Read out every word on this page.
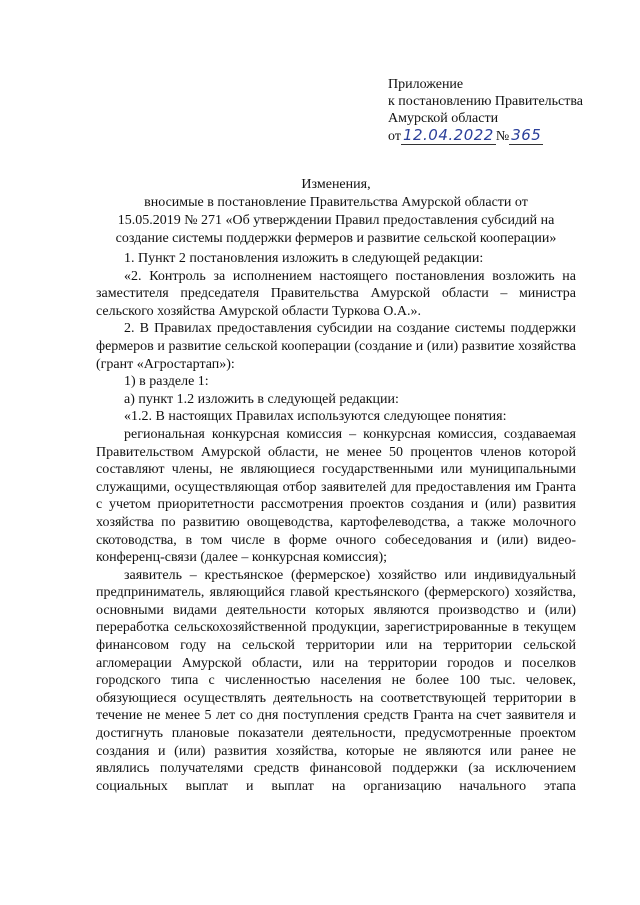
Приложение
к постановлению Правительства
Амурской области
от 12.04.2022 № 365
Изменения,
вносимые в постановление Правительства Амурской области от
15.05.2019 № 271 «Об утверждении Правил предоставления субсидий на
создание системы поддержки фермеров и развитие сельской кооперации»

1. Пункт 2 постановления изложить в следующей редакции:

«2. Контроль за исполнением настоящего постановления возложить на заместителя председателя Правительства Амурской области – министра сельского хозяйства Амурской области Туркова О.А.».

2. В Правилах предоставления субсидии на создание системы поддержки фермеров и развитие сельской кооперации (создание и (или) развитие хозяйства (грант «Агростартап»):

1) в разделе 1:

а) пункт 1.2 изложить в следующей редакции:

«1.2. В настоящих Правилах используются следующее понятия:

региональная конкурсная комиссия – конкурсная комиссия, создаваемая Правительством Амурской области, не менее 50 процентов членов которой составляют члены, не являющиеся государственными или муниципальными служащими, осуществляющая отбор заявителей для предоставления им Гранта с учетом приоритетности рассмотрения проектов создания и (или) развития хозяйства по развитию овощеводства, картофелеводства, а также молочного скотоводства, в том числе в форме очного собеседования и (или) видео-конференц-связи (далее – конкурсная комиссия);

заявитель – крестьянское (фермерское) хозяйство или индивидуальный предприниматель, являющийся главой крестьянского (фермерского) хозяйства, основными видами деятельности которых являются производство и (или) переработка сельскохозяйственной продукции, зарегистрированные в текущем финансовом году на сельской территории или на территории сельской агломерации Амурской области, или на территории городов и поселков городского типа с численностью населения не более 100 тыс. человек, обязующиеся осуществлять деятельность на соответствующей территории в течение не менее 5 лет со дня поступления средств Гранта на счет заявителя и достигнуть плановые показатели деятельности, предусмотренные проектом создания и (или) развития хозяйства, которые не являются или ранее не являлись получателями средств финансовой поддержки (за исключением социальных выплат и выплат на организацию начального этапа
